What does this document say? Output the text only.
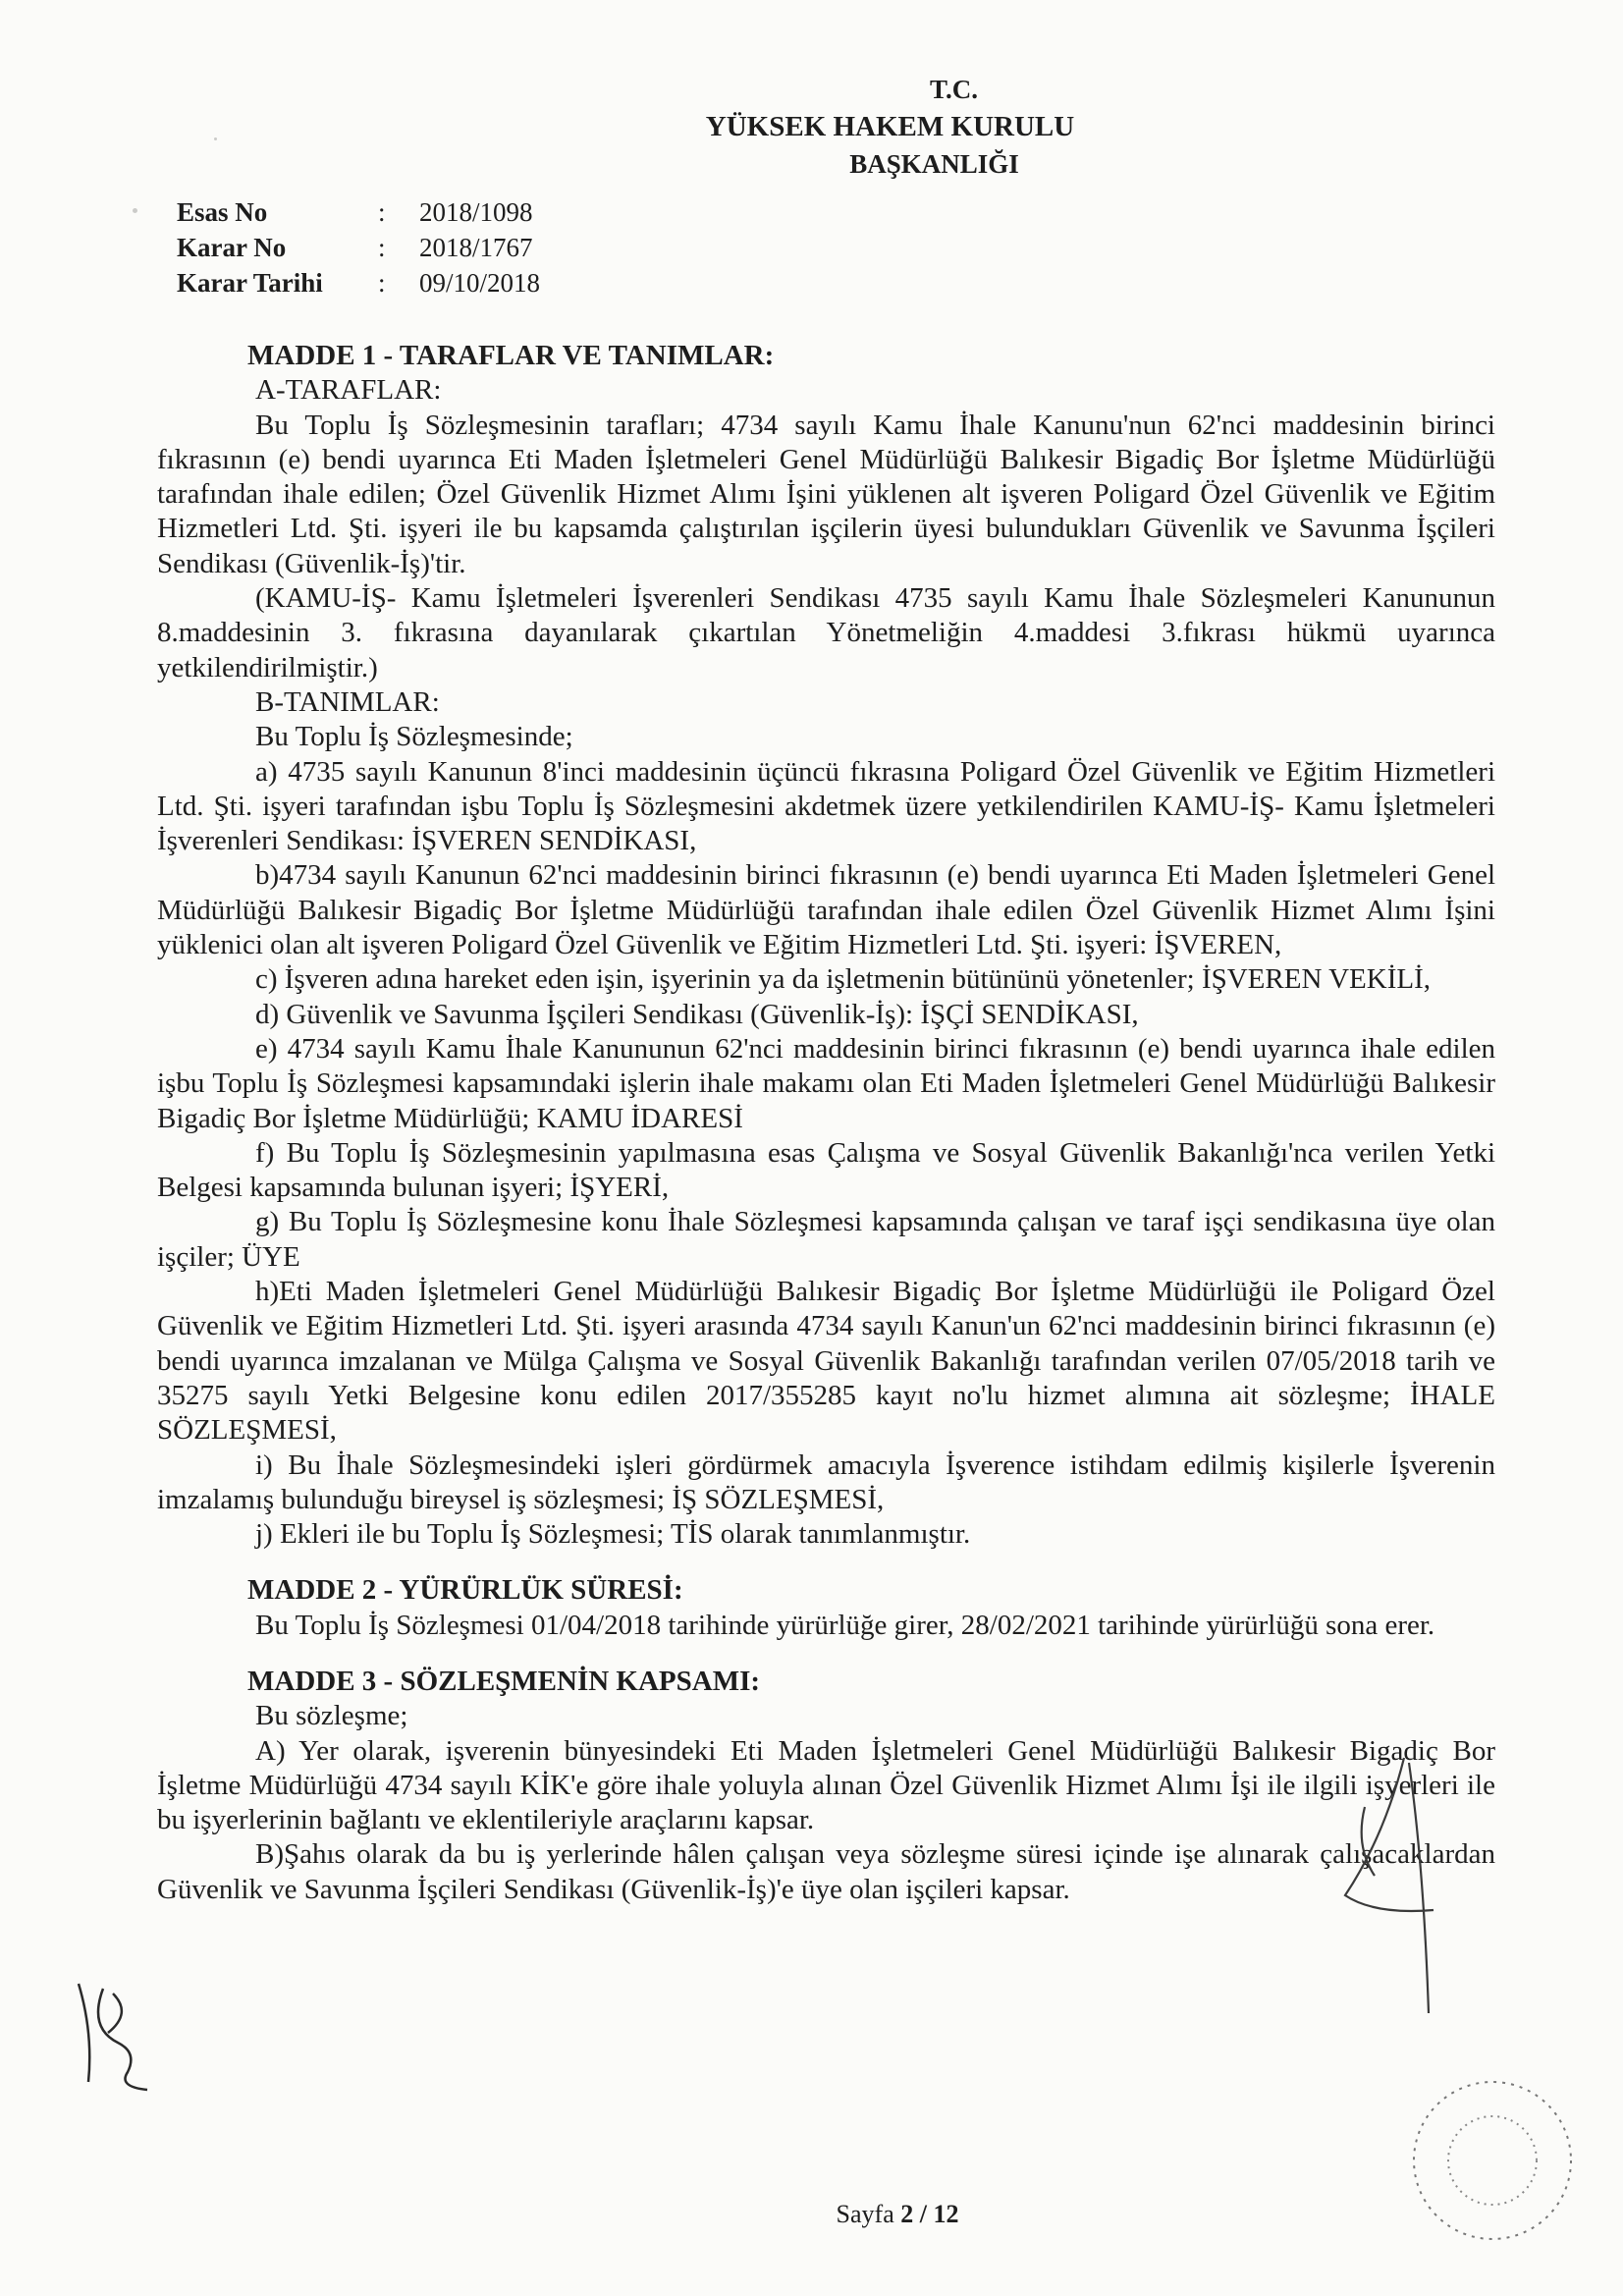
T.C.
YÜKSEK HAKEM KURULU
BAŞKANLIĞI
Esas No	:	2018/1098
Karar No	:	2018/1767
Karar Tarihi	:	09/10/2018

MADDE 1 - TARAFLAR VE TANIMLAR:

A-TARAFLAR:

Bu Toplu İş Sözleşmesinin tarafları; 4734 sayılı Kamu İhale Kanunu'nun 62'nci maddesinin birinci fıkrasının (e) bendi uyarınca Eti Maden İşletmeleri Genel Müdürlüğü Balıkesir Bigadiç Bor İşletme Müdürlüğü tarafından ihale edilen; Özel Güvenlik Hizmet Alımı İşini yüklenen alt işveren Poligard Özel Güvenlik ve Eğitim Hizmetleri Ltd. Şti. işyeri ile bu kapsamda çalıştırılan işçilerin üyesi bulundukları Güvenlik ve Savunma İşçileri Sendikası (Güvenlik-İş)'tir.

(KAMU-İŞ- Kamu İşletmeleri İşverenleri Sendikası 4735 sayılı Kamu İhale Sözleşmeleri Kanununun 8.maddesinin 3. fıkrasına dayanılarak çıkartılan Yönetmeliğin 4.maddesi 3.fıkrası hükmü uyarınca yetkilendirilmiştir.)

B-TANIMLAR:

Bu Toplu İş Sözleşmesinde;

a) 4735 sayılı Kanunun 8'inci maddesinin üçüncü fıkrasına Poligard Özel Güvenlik ve Eğitim Hizmetleri Ltd. Şti. işyeri tarafından işbu Toplu İş Sözleşmesini akdetmek üzere yetkilendirilen KAMU-İŞ- Kamu İşletmeleri İşverenleri Sendikası: İŞVEREN SENDİKASI,

b)4734 sayılı Kanunun 62'nci maddesinin birinci fıkrasının (e) bendi uyarınca Eti Maden İşletmeleri Genel Müdürlüğü Balıkesir Bigadiç Bor İşletme Müdürlüğü tarafından ihale edilen Özel Güvenlik Hizmet Alımı İşini yüklenici olan alt işveren Poligard Özel Güvenlik ve Eğitim Hizmetleri Ltd. Şti. işyeri: İŞVEREN,

c) İşveren adına hareket eden işin, işyerinin ya da işletmenin bütününü yönetenler; İŞVEREN VEKİLİ,

d) Güvenlik ve Savunma İşçileri Sendikası (Güvenlik-İş): İŞÇİ SENDİKASI,

e) 4734 sayılı Kamu İhale Kanununun 62'nci maddesinin birinci fıkrasının (e) bendi uyarınca ihale edilen işbu Toplu İş Sözleşmesi kapsamındaki işlerin ihale makamı olan Eti Maden İşletmeleri Genel Müdürlüğü Balıkesir Bigadiç Bor İşletme Müdürlüğü; KAMU İDARESİ

f) Bu Toplu İş Sözleşmesinin yapılmasına esas Çalışma ve Sosyal Güvenlik Bakanlığı'nca verilen Yetki Belgesi kapsamında bulunan işyeri; İŞYERİ,

g) Bu Toplu İş Sözleşmesine konu İhale Sözleşmesi kapsamında çalışan ve taraf işçi sendikasına üye olan işçiler; ÜYE

h)Eti Maden İşletmeleri Genel Müdürlüğü Balıkesir Bigadiç Bor İşletme Müdürlüğü ile Poligard Özel Güvenlik ve Eğitim Hizmetleri Ltd. Şti. işyeri arasında 4734 sayılı Kanun'un 62'nci maddesinin birinci fıkrasının (e) bendi uyarınca imzalanan ve Mülga Çalışma ve Sosyal Güvenlik Bakanlığı tarafından verilen 07/05/2018 tarih ve 35275 sayılı Yetki Belgesine konu edilen 2017/355285 kayıt no'lu hizmet alımına ait sözleşme; İHALE SÖZLEŞMESİ,

i) Bu İhale Sözleşmesindeki işleri gördürmek amacıyla İşverence istihdam edilmiş kişilerle İşverenin imzalamış bulunduğu bireysel iş sözleşmesi; İŞ SÖZLEŞMESİ,

j) Ekleri ile bu Toplu İş Sözleşmesi; TİS olarak tanımlanmıştır.

MADDE 2 - YÜRÜRLÜK SÜRESİ:

Bu Toplu İş Sözleşmesi 01/04/2018 tarihinde yürürlüğe girer, 28/02/2021 tarihinde yürürlüğü sona erer.

MADDE 3 - SÖZLEŞMENİN KAPSAMI:

Bu sözleşme;

A) Yer olarak, işverenin bünyesindeki Eti Maden İşletmeleri Genel Müdürlüğü Balıkesir Bigadiç Bor İşletme Müdürlüğü 4734 sayılı KİK'e göre ihale yoluyla alınan Özel Güvenlik Hizmet Alımı İşi ile ilgili işyerleri ile bu işyerlerinin bağlantı ve eklentileriyle araçlarını kapsar.

B)Şahıs olarak da bu iş yerlerinde hâlen çalışan veya sözleşme süresi içinde işe alınarak çalışacaklardan Güvenlik ve Savunma İşçileri Sendikası (Güvenlik-İş)'e üye olan işçileri kapsar.

Sayfa 2 / 12
